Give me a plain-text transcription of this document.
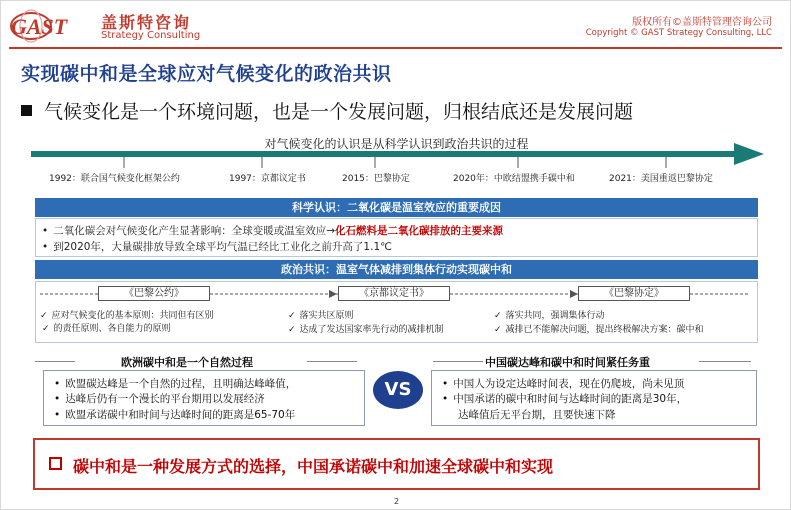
GAST 盖斯特咨询
Strategy Consulting
版权所有©盖斯特管理咨询公司
Copyright © GAST Strategy Consulting, LLC
实现碳中和是全球应对气候变化的政治共识
气候变化是一个环境问题，也是一个发展问题，归根结底还是发展问题
对气候变化的认识是从科学认识到政治共识的过程
1992：联合国气候变化框架公约	1997：京都议定书	2015：巴黎协定	2020年：中欧结盟携手碳中和	2021：美国重返巴黎协定
科学认识：二氧化碳是温室效应的重要成因
• 二氧化碳会对气候变化产生显著影响：全球变暖或温室效应→化石燃料是二氧化碳排放的主要来源
• 到2020年，大量碳排放导致全球平均气温已经比工业化之前升高了1.1℃
政治共识：温室气体减排到集体行动实现碳中和
《巴黎公约》	《京都议定书》	《巴黎协定》
✓ 应对气候变化的基本原则：共同但有区别
✓ 的责任原则、各自能力的原则
✓ 落实共区原则
✓ 达成了发达国家率先行动的减排机制
✓ 落实共同，强调集体行动
✓ 减排已不能解决问题，提出终极解决方案：碳中和
欧洲碳中和是一个自然过程
• 欧盟碳达峰是一个自然的过程，且明确达峰峰值，
• 达峰后仍有一个漫长的平台期用以发展经济
• 欧盟承诺碳中和时间与达峰时间的距离是65-70年
VS
中国碳达峰和碳中和时间紧任务重
• 中国人为设定达峰时间表，现在仍爬坡，尚未见顶
• 中国承诺的碳中和时间与达峰时间的距离是30年，
达峰值后无平台期，且要快速下降
碳中和是一种发展方式的选择，中国承诺碳中和加速全球碳中和实现
2
